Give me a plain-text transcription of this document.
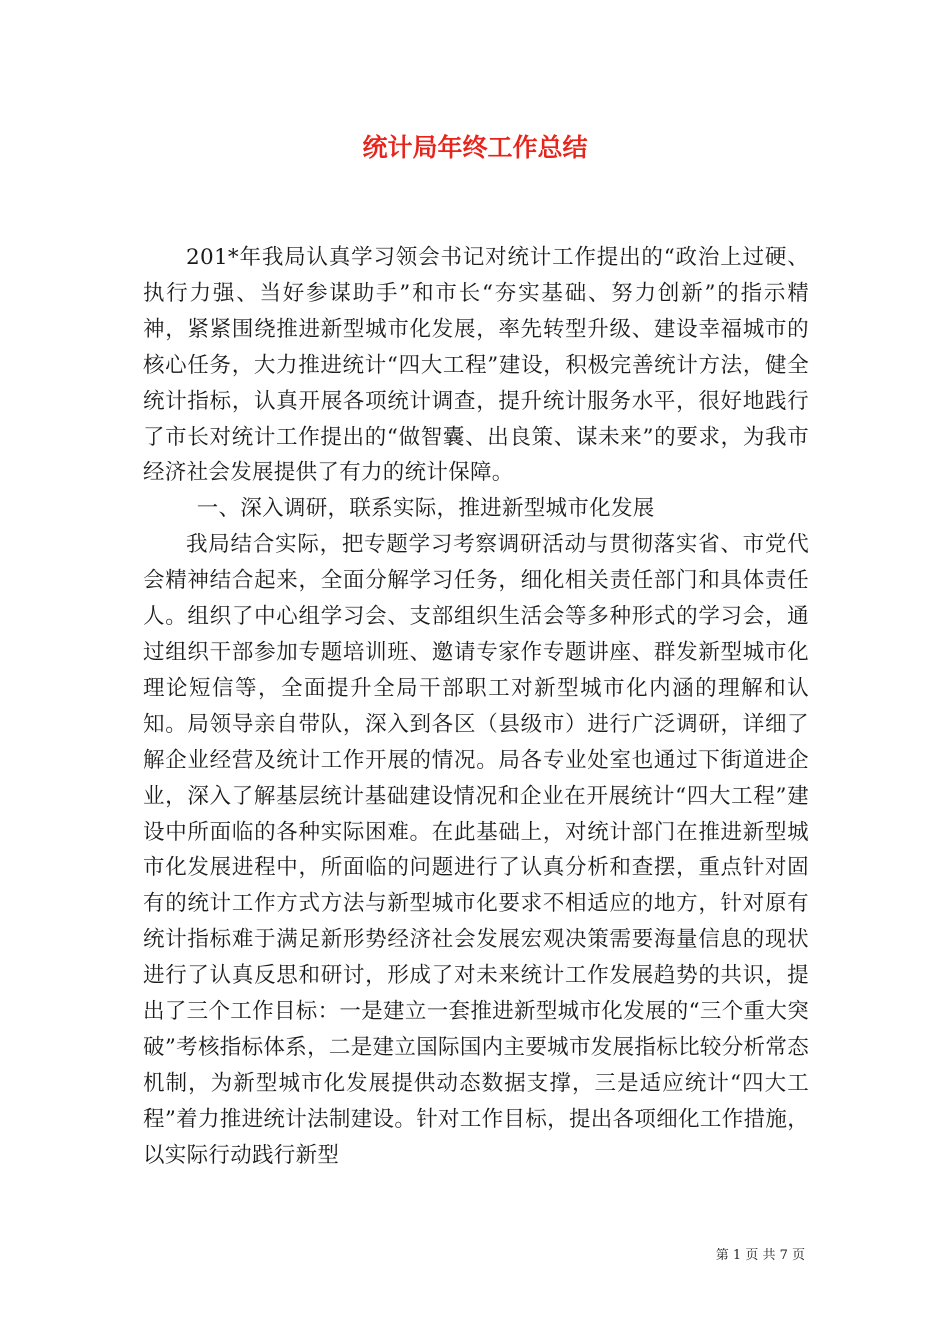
统计局年终工作总结

201*年我局认真学习领会书记对统计工作提出的“政治上过硬、执行力强、当好参谋助手”和市长“夯实基础、努力创新”的指示精神，紧紧围绕推进新型城市化发展，率先转型升级、建设幸福城市的核心任务，大力推进统计“四大工程”建设，积极完善统计方法，健全统计指标，认真开展各项统计调查，提升统计服务水平，很好地践行了市长对统计工作提出的“做智囊、出良策、谋未来”的要求，为我市经济社会发展提供了有力的统计保障。

一、深入调研，联系实际，推进新型城市化发展

我局结合实际，把专题学习考察调研活动与贯彻落实省、市党代会精神结合起来，全面分解学习任务，细化相关责任部门和具体责任人。组织了中心组学习会、支部组织生活会等多种形式的学习会，通过组织干部参加专题培训班、邀请专家作专题讲座、群发新型城市化理论短信等，全面提升全局干部职工对新型城市化内涵的理解和认知。局领导亲自带队，深入到各区（县级市）进行广泛调研，详细了解企业经营及统计工作开展的情况。局各专业处室也通过下街道进企业，深入了解基层统计基础建设情况和企业在开展统计“四大工程”建设中所面临的各种实际困难。在此基础上，对统计部门在推进新型城市化发展进程中，所面临的问题进行了认真分析和查摆，重点针对固有的统计工作方式方法与新型城市化要求不相适应的地方，针对原有统计指标难于满足新形势经济社会发展宏观决策需要海量信息的现状进行了认真反思和研讨，形成了对未来统计工作发展趋势的共识，提出了三个工作目标：一是建立一套推进新型城市化发展的“三个重大突破”考核指标体系，二是建立国际国内主要城市发展指标比较分析常态机制，为新型城市化发展提供动态数据支撑，三是适应统计“四大工程”着力推进统计法制建设。针对工作目标，提出各项细化工作措施，以实际行动践行新型

第 1 页 共 7 页
